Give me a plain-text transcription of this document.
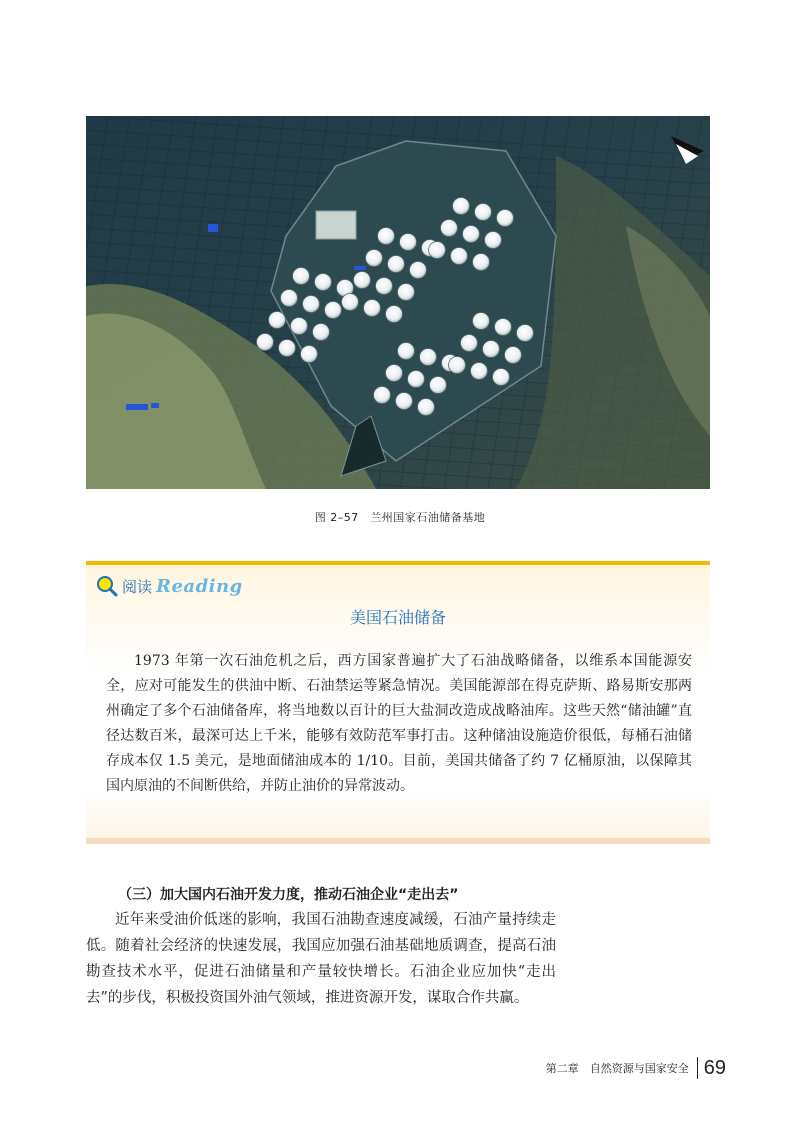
图 2–57　兰州国家石油储备基地
阅读 Reading
美国石油储备

1973 年第一次石油危机之后，西方国家普遍扩大了石油战略储备，以维系本国能源安全，应对可能发生的供油中断、石油禁运等紧急情况。美国能源部在得克萨斯、路易斯安那两州确定了多个石油储备库，将当地数以百计的巨大盐洞改造成战略油库。这些天然“储油罐”直径达数百米，最深可达上千米，能够有效防范军事打击。这种储油设施造价很低，每桶石油储存成本仅 1.5 美元，是地面储油成本的 1/10。目前，美国共储备了约 7 亿桶原油，以保障其国内原油的不间断供给，并防止油价的异常波动。

（三）加大国内石油开发力度，推动石油企业“走出去”

近年来受油价低迷的影响，我国石油勘查速度减缓，石油产量持续走低。随着社会经济的快速发展，我国应加强石油基础地质调查，提高石油勘查技术水平，促进石油储量和产量较快增长。石油企业应加快“走出去”的步伐，积极投资国外油气领域，推进资源开发，谋取合作共赢。

第二章　自然资源与国家安全 69
